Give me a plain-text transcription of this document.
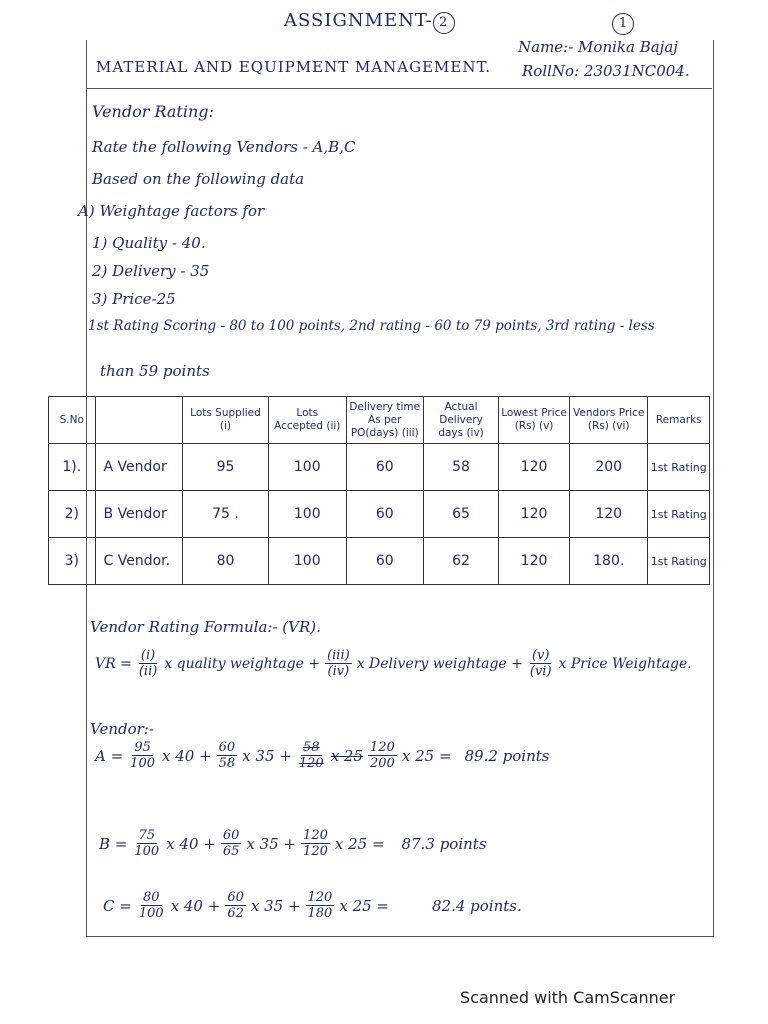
ASSIGNMENT- 2	1
MATERIAL AND EQUIPMENT MANAGEMENT.
Name:- Monika Bajaj
RollNo: 23031NC004.
Vendor Rating:
Rate the following Vendors - A,B,C
Based on the following data
A) Weightage factors for
1) Quality - 40.
2) Delivery - 35
3) Price-25
1st Rating Scoring - 80 to 100 points, 2nd rating - 60 to 79 points, 3rd rating - less
than 59 points
S.No		Lots Supplied (i)	Lots Accepted (ii)	Delivery time As per PO(days) (iii)	Actual Delivery days (iv)	Lowest Price (Rs) (v)	Vendors Price (Rs) (vi)	Remarks
1).	A Vendor	95	100	60	58	120	200	1st Rating
2)	B Vendor	75 .	100	60	65	120	120	1st Rating
3)	C Vendor.	80	100	60	62	120	180.	1st Rating
Vendor Rating Formula:- (VR).
VR = $\frac{(i)}{(ii)}$ x quality weightage + $\frac{\text{(iii)}}{(iv)}$ x Delivery weightage + $\frac{(v)}{(vi)}$ x Price Weightage.
Vendor:-
$A = \frac{95}{100}$ x $40 + \frac{60}{58}$ x $35 + \frac{58}{120}$ x $25 \frac{120}{200}$ x 25 = 89.2 points
$B = \frac{75}{100}$ x $40 + \frac{60}{65}$ x $35 + \frac{120}{120}$ x 25 = 87.3 points
$C = \frac{80}{100}$ x $40 + \frac{60}{62}$ x $35 + \frac{120}{180}$ x 25 =	82.4 points.
Scanned with CamScanner
